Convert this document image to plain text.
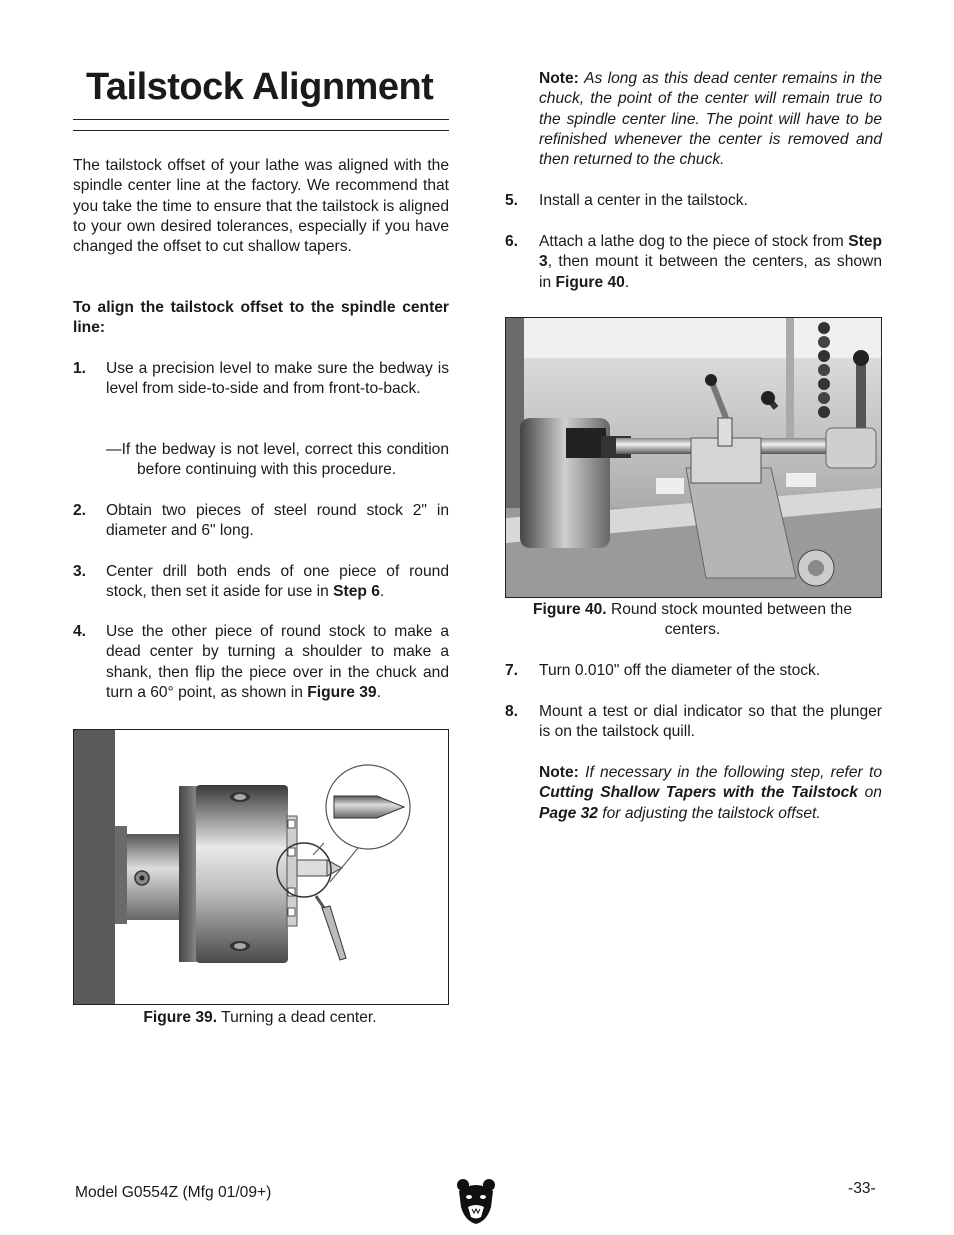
Tailstock Alignment
The tailstock offset of your lathe was aligned with the spindle center line at the factory. We recommend that you take the time to ensure that the tailstock is aligned to your own desired tolerances, especially if you have changed the offset to cut shallow tapers.
To align the tailstock offset to the spindle center line:
1. Use a precision level to make sure the bedway is level from side-to-side and from front-to-back.
—If the bedway is not level, correct this condition before continuing with this procedure.
2. Obtain two pieces of steel round stock 2" in diameter and 6" long.
3. Center drill both ends of one piece of round stock, then set it aside for use in Step 6.
4. Use the other piece of round stock to make a dead center by turning a shoulder to make a shank, then flip the piece over in the chuck and turn a 60° point, as shown in Figure 39.
Figure 39. Turning a dead center.
Note: As long as this dead center remains in the chuck, the point of the center will remain true to the spindle center line. The point will have to be refinished whenever the center is removed and then returned to the chuck.
5. Install a center in the tailstock.
6. Attach a lathe dog to the piece of stock from Step 3, then mount it between the centers, as shown in Figure 40.
Figure 40. Round stock mounted between the centers.
7. Turn 0.010" off the diameter of the stock.
8. Mount a test or dial indicator so that the plunger is on the tailstock quill.
Note: If necessary in the following step, refer to Cutting Shallow Tapers with the Tailstock on Page 32 for adjusting the tailstock offset.
Model G0554Z (Mfg 01/09+)	-33-
